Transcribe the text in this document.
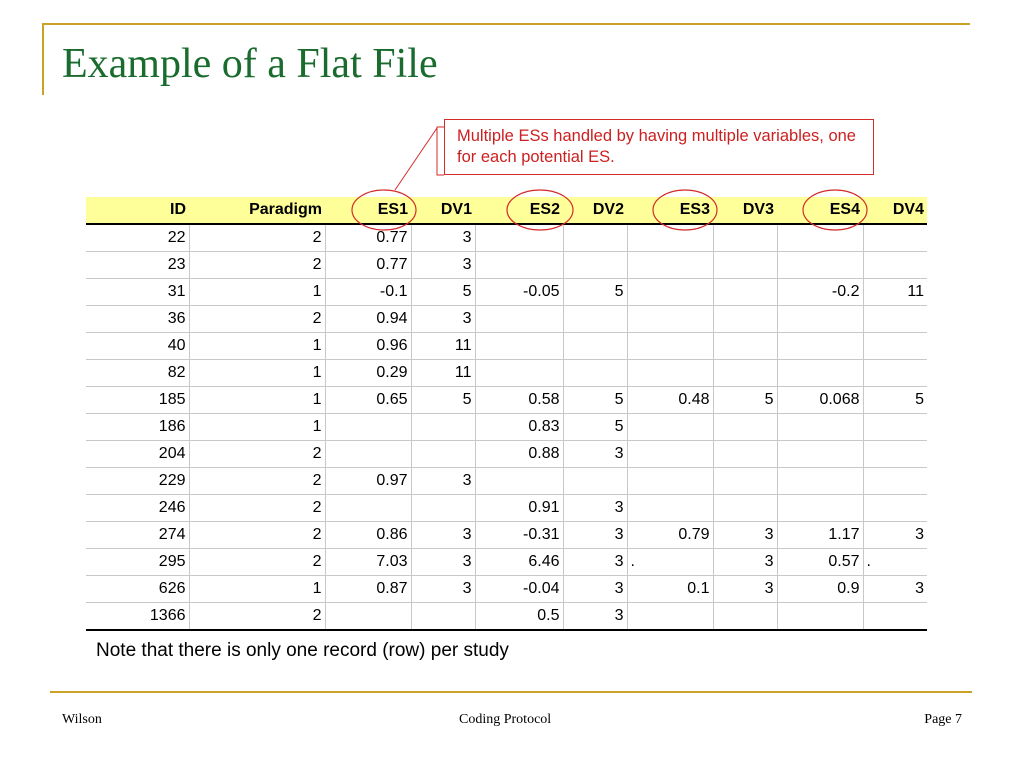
Example of a Flat File
Multiple ESs handled by having multiple variables, one for each potential ES.
ID	Paradigm	ES1	DV1	ES2	DV2	ES3	DV3	ES4	DV4
22	2	0.77	3						
23	2	0.77	3						
31	1	-0.1	5	-0.05	5			-0.2	11
36	2	0.94	3						
40	1	0.96	11						
82	1	0.29	11						
185	1	0.65	5	0.58	5	0.48	5	0.068	5
186	1			0.83	5				
204	2			0.88	3				
229	2	0.97	3						
246	2			0.91	3				
274	2	0.86	3	-0.31	3	0.79	3	1.17	3
295	2	7.03	3	6.46	3	.	3	0.57	.
626	1	0.87	3	-0.04	3	0.1	3	0.9	3
1366	2			0.5	3				
Note that there is only one record (row) per study
Wilson	Coding Protocol	Page 7
